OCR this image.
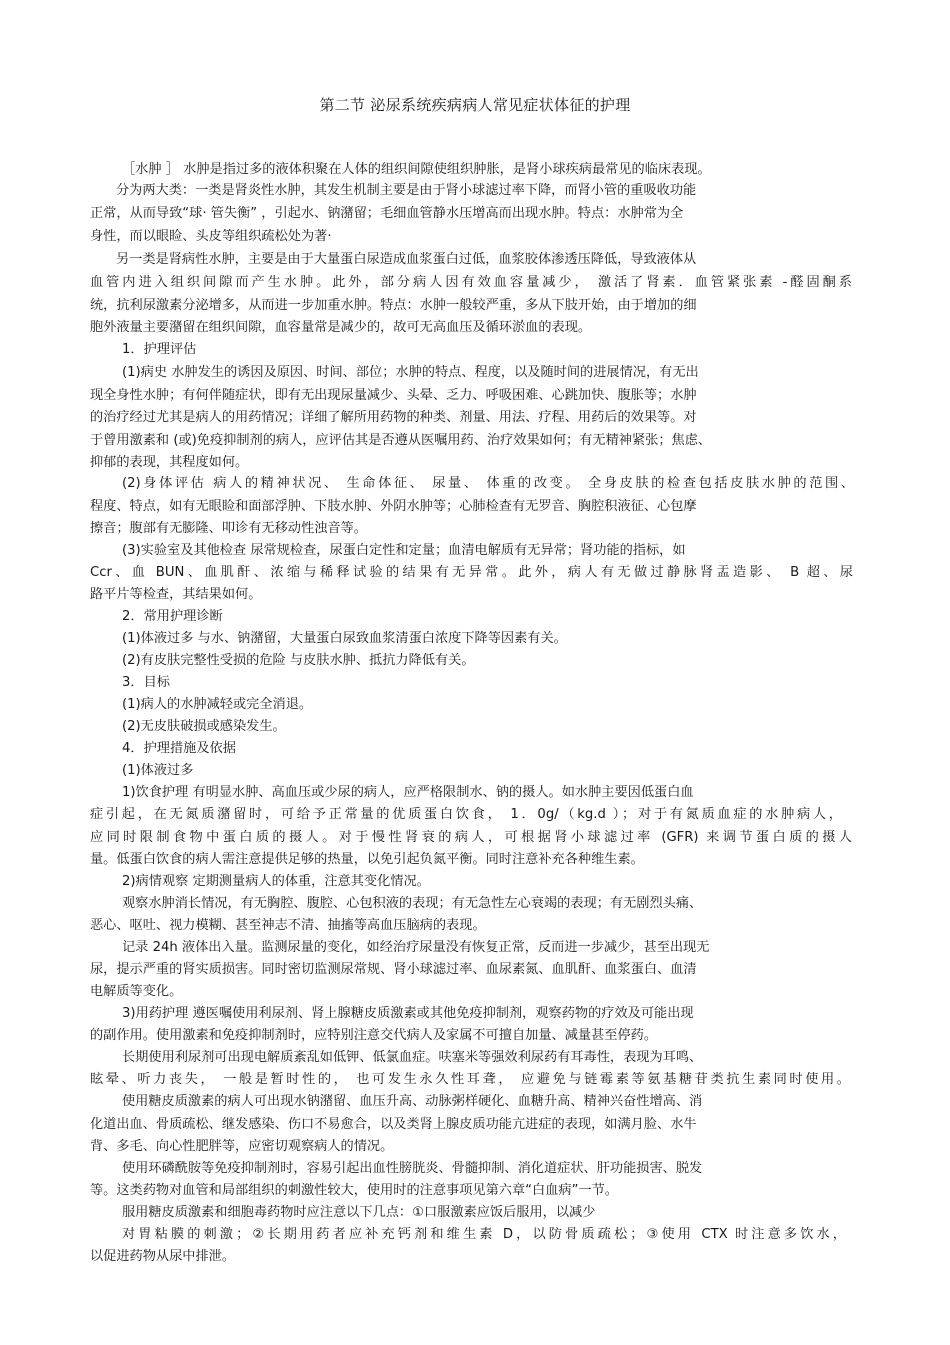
第二节 泌尿系统疾病病人常见症状体征的护理
［水肿 ］ 水肿是指过多的液体积聚在人体的组织间隙使组织肿胀，是肾小球疾病最常见的临床表现。
分为两大类：一类是肾炎性水肿，其发生机制主要是由于肾小球滤过率下降，而肾小管的重吸收功能
正常，从而导致“球· 管失衡” ，引起水、钠潴留；毛细血管静水压增高而出现水肿。特点：水肿常为全
身性，而以眼睑、头皮等组织疏松处为著·
另一类是肾病性水肿，主要是由于大量蛋白尿造成血浆蛋白过低，血浆胶体渗透压降低，导致液体从
血管内进入组织间隙而产生水肿。此外，部分病人因有效血容量减少， 激活了肾素．血管紧张素 -醛固酮系
统，抗利尿激素分泌增多，从而进一步加重水肿。特点：水肿一般较严重，多从下肢开始，由于增加的细
胞外液量主要潴留在组织间隙，血容量常是减少的，故可无高血压及循环淤血的表现。
1．护理评估
(1)病史 水肿发生的诱因及原因、时间、部位；水肿的特点、程度，以及随时间的进展情况，有无出
现全身性水肿；有何伴随症状，即有无出现尿量减少、头晕、乏力、呼吸困难、心跳加快、腹胀等；水肿
的治疗经过尤其是病人的用药情况；详细了解所用药物的种类、剂量、用法、疗程、用药后的效果等。对
于曾用激素和 (或)免疫抑制剂的病人，应评估其是否遵从医嘱用药、治疗效果如何；有无精神紧张；焦虑、
抑郁的表现，其程度如何。
(2)身体评估 病人的精神状况、 生命体征、 尿量、 体重的改变。 全身皮肤的检查包括皮肤水肿的范围、
程度、特点，如有无眼睑和面部浮肿、下肢水肿、外阴水肿等；心肺检查有无罗音、胸腔积液征、心包摩
擦音；腹部有无膨隆、叩诊有无移动性浊音等。
(3)实验室及其他检查 尿常规检查，尿蛋白定性和定量；血清电解质有无异常；肾功能的指标，如
Ccr、血 BUN、血肌酐、浓缩与稀释试验的结果有无异常。此外，病人有无做过静脉肾盂造影、 B 超、尿
路平片等检查，其结果如何。
2．常用护理诊断
(1)体液过多 与水、钠潴留，大量蛋白尿致血浆清蛋白浓度下降等因素有关。
(2)有皮肤完整性受损的危险 与皮肤水肿、抵抗力降低有关。
3．目标
(1)病人的水肿减轻或完全消退。
(2)无皮肤破损或感染发生。
4．护理措施及依据
(1)体液过多
1)饮食护理 有明显水肿、高血压或少尿的病人，应严格限制水、钠的摄人。如水肿主要因低蛋白血
症引起，在无氮质潴留时，可给予正常量的优质蛋白饮食， 1．0g/（kg.d ）；对于有氮质血症的水肿病人，
应同时限制食物中蛋白质的摄人。对于慢性肾衰的病人，可根据肾小球滤过率 (GFR) 来调节蛋白质的摄人
量。低蛋白饮食的病人需注意提供足够的热量，以免引起负氮平衡。同时注意补充各种维生素。
2)病情观察 定期测量病人的体重，注意其变化情况。
观察水肿消长情况，有无胸腔、腹腔、心包积液的表现；有无急性左心衰竭的表现；有无剧烈头痛、
恶心、呕吐、视力模糊、甚至神志不清、抽搐等高血压脑病的表现。
记录 24h 液体出入量。监测尿量的变化，如经治疗尿量没有恢复正常，反而进一步减少，甚至出现无
尿，提示严重的肾实质损害。同时密切监测尿常规、肾小球滤过率、血尿素氮、血肌酐、血浆蛋白、血清
电解质等变化。
3)用药护理 遵医嘱使用利尿剂、肾上腺糖皮质激素或其他免疫抑制剂，观察药物的疗效及可能出现
的副作用。使用激素和免疫抑制剂时，应特别注意交代病人及家属不可擅自加量、减量甚至停药。
长期使用利尿剂可出现电解质紊乱如低钾、低氯血症。呋塞米等强效利尿药有耳毒性，表现为耳鸣、
眩晕、听力丧失， 一般是暂时性的， 也可发生永久性耳聋， 应避免与链霉素等氨基糖苷类抗生素同时使用。
使用糖皮质激素的病人可出现水钠潴留、血压升高、动脉粥样硬化、血糖升高、精神兴奋性增高、消
化道出血、骨质疏松、继发感染、伤口不易愈合，以及类肾上腺皮质功能亢进症的表现，如满月脸、水牛
背、多毛、向心性肥胖等，应密切观察病人的情况。
使用环磷酰胺等免疫抑制剂时，容易引起出血性膀胱炎、骨髓抑制、消化道症状、肝功能损害、脱发
等。这类药物对血管和局部组织的刺激性较大，使用时的注意事项见第六章“白血病”一节。
服用糖皮质激素和细胞毒药物时应注意以下几点：①口服激素应饭后服用，以减少
对胃粘膜的刺激；②长期用药者应补充钙剂和维生素 D，以防骨质疏松；③使用 CTX 时注意多饮水，
以促进药物从尿中排泄。
